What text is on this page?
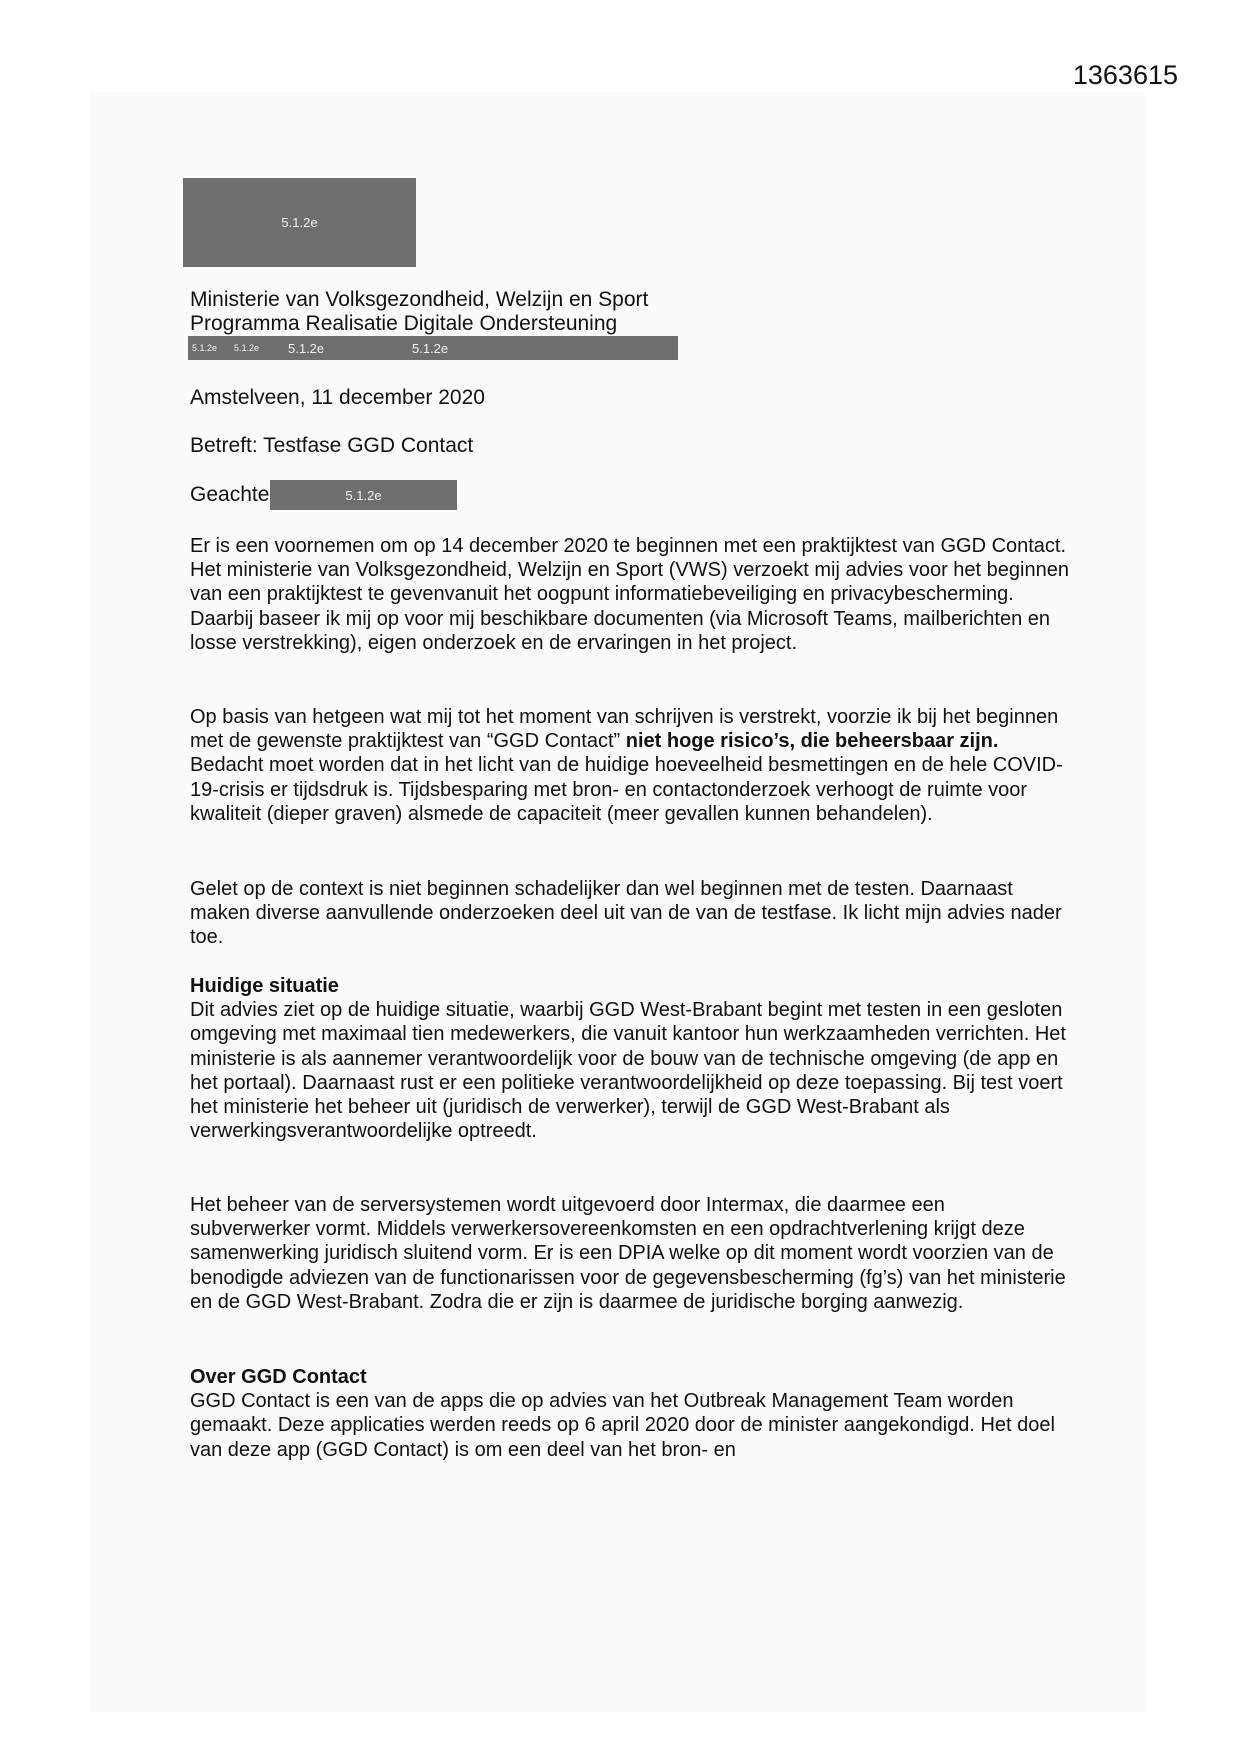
1363615
5.1.2e
Ministerie van Volksgezondheid, Welzijn en Sport
Programma Realisatie Digitale Ondersteuning
5.1.2e 5.1.2e 5.1.2e	5.1.2e
Amstelveen, 11 december 2020
Betreft: Testfase GGD Contact
Geachte	5.1.2e

Er is een voornemen om op 14 december 2020 te beginnen met een praktijktest van GGD Contact. Het ministerie van Volksgezondheid, Welzijn en Sport (VWS) verzoekt mij advies voor het beginnen van een praktijktest te gevenvanuit het oogpunt informatiebeveiliging en privacybescherming. Daarbij baseer ik mij op voor mij beschikbare documenten (via Microsoft Teams, mailberichten en losse verstrekking), eigen onderzoek en de ervaringen in het project.

Op basis van hetgeen wat mij tot het moment van schrijven is verstrekt, voorzie ik bij het beginnen met de gewenste praktijktest van “GGD Contact” niet hoge risico’s, die beheersbaar zijn. Bedacht moet worden dat in het licht van de huidige hoeveelheid besmettingen en de hele COVID-19-crisis er tijdsdruk is. Tijdsbesparing met bron- en contactonderzoek verhoogt de ruimte voor kwaliteit (dieper graven) alsmede de capaciteit (meer gevallen kunnen behandelen).

Gelet op de context is niet beginnen schadelijker dan wel beginnen met de testen. Daarnaast maken diverse aanvullende onderzoeken deel uit van de van de testfase. Ik licht mijn advies nader toe.

Huidige situatie
Dit advies ziet op de huidige situatie, waarbij GGD West-Brabant begint met testen in een gesloten omgeving met maximaal tien medewerkers, die vanuit kantoor hun werkzaamheden verrichten. Het ministerie is als aannemer verantwoordelijk voor de bouw van de technische omgeving (de app en het portaal). Daarnaast rust er een politieke verantwoordelijkheid op deze toepassing. Bij test voert het ministerie het beheer uit (juridisch de verwerker), terwijl de GGD West-Brabant als verwerkingsverantwoordelijke optreedt.

Het beheer van de serversystemen wordt uitgevoerd door Intermax, die daarmee een subverwerker vormt. Middels verwerkersovereenkomsten en een opdrachtverlening krijgt deze samenwerking juridisch sluitend vorm. Er is een DPIA welke op dit moment wordt voorzien van de benodigde adviezen van de functionarissen voor de gegevensbescherming (fg’s) van het ministerie en de GGD West-Brabant. Zodra die er zijn is daarmee de juridische borging aanwezig.

Over GGD Contact
GGD Contact is een van de apps die op advies van het Outbreak Management Team worden gemaakt. Deze applicaties werden reeds op 6 april 2020 door de minister aangekondigd. Het doel van deze app (GGD Contact) is om een deel van het bron- en
